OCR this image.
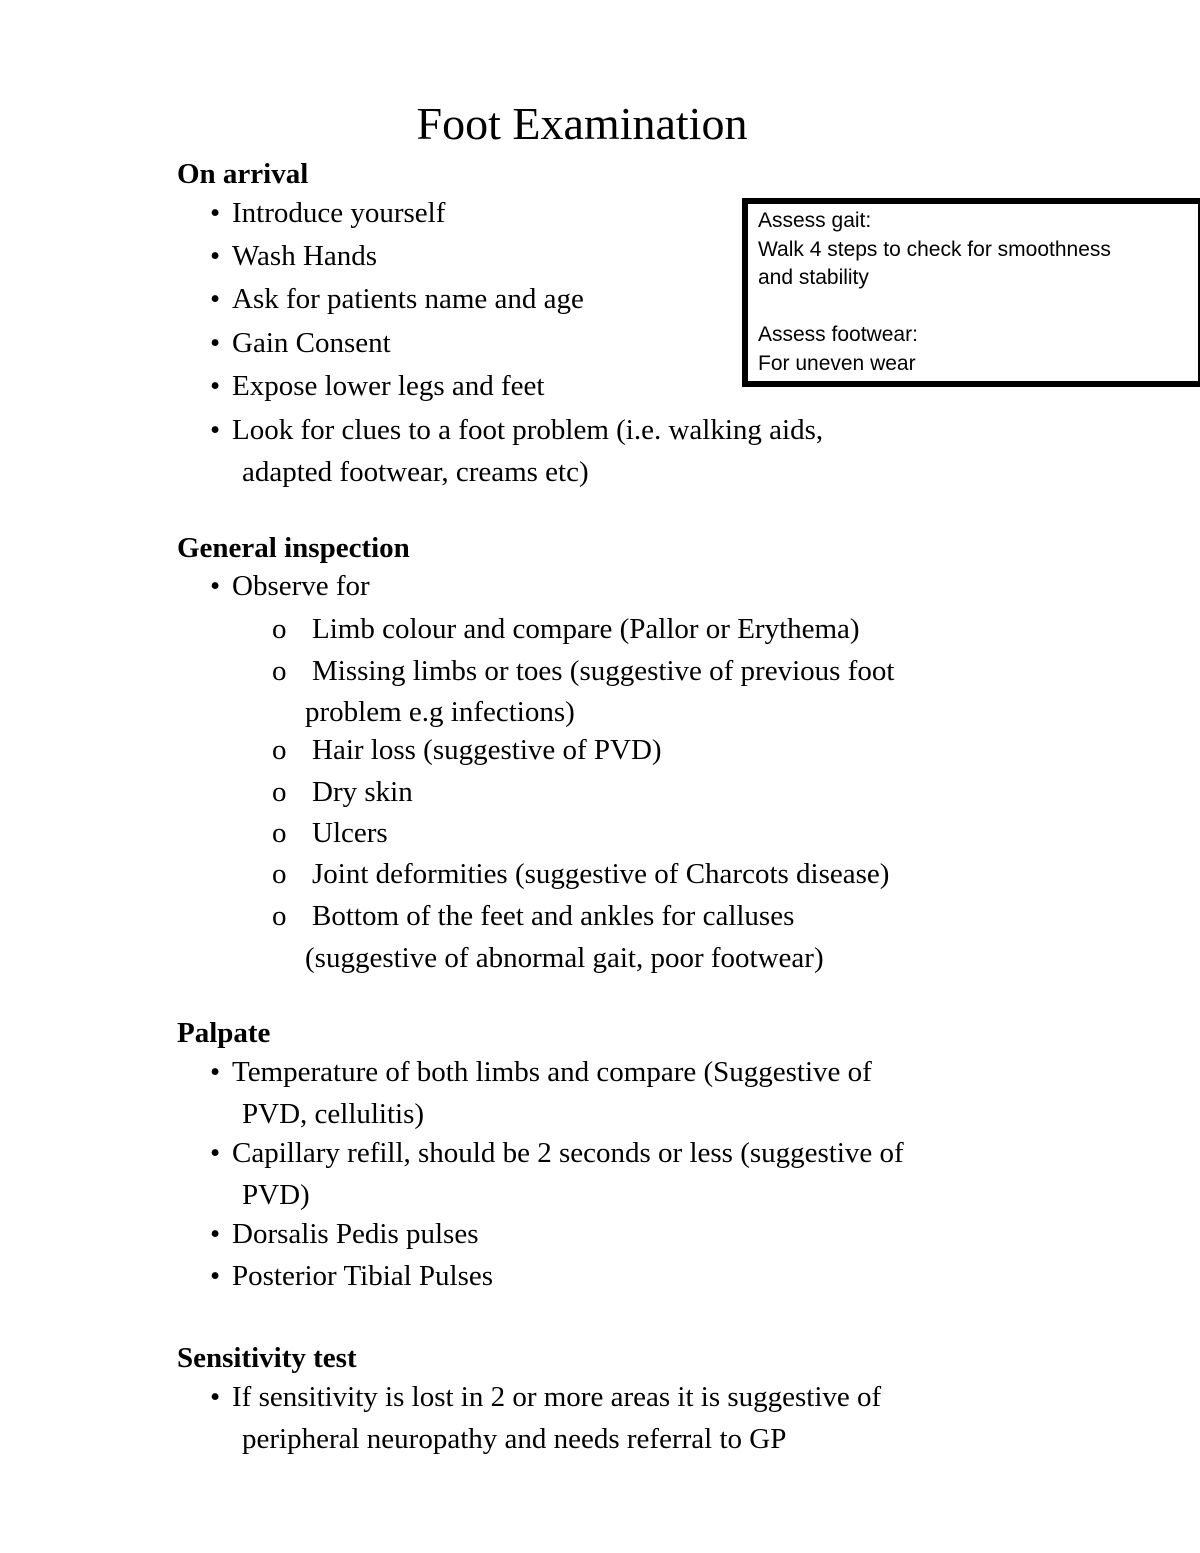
Foot Examination
On arrival
• Introduce yourself
• Wash Hands
• Ask for patients name and age
• Gain Consent
• Expose lower legs and feet
• Look for clues to a foot problem (i.e. walking aids,
adapted footwear, creams etc)
Assess gait:
Walk 4 steps to check for smoothness
and stability
Assess footwear:
For uneven wear
General inspection
• Observe for
o Limb colour and compare (Pallor or Erythema)
o Missing limbs or toes (suggestive of previous foot
problem e.g infections)
o Hair loss (suggestive of PVD)
o Dry skin
o Ulcers
o Joint deformities (suggestive of Charcots disease)
o Bottom of the feet and ankles for calluses
(suggestive of abnormal gait, poor footwear)
Palpate
• Temperature of both limbs and compare (Suggestive of
PVD, cellulitis)
• Capillary refill, should be 2 seconds or less (suggestive of
PVD)
• Dorsalis Pedis pulses
• Posterior Tibial Pulses
Sensitivity test
• If sensitivity is lost in 2 or more areas it is suggestive of
peripheral neuropathy and needs referral to GP
